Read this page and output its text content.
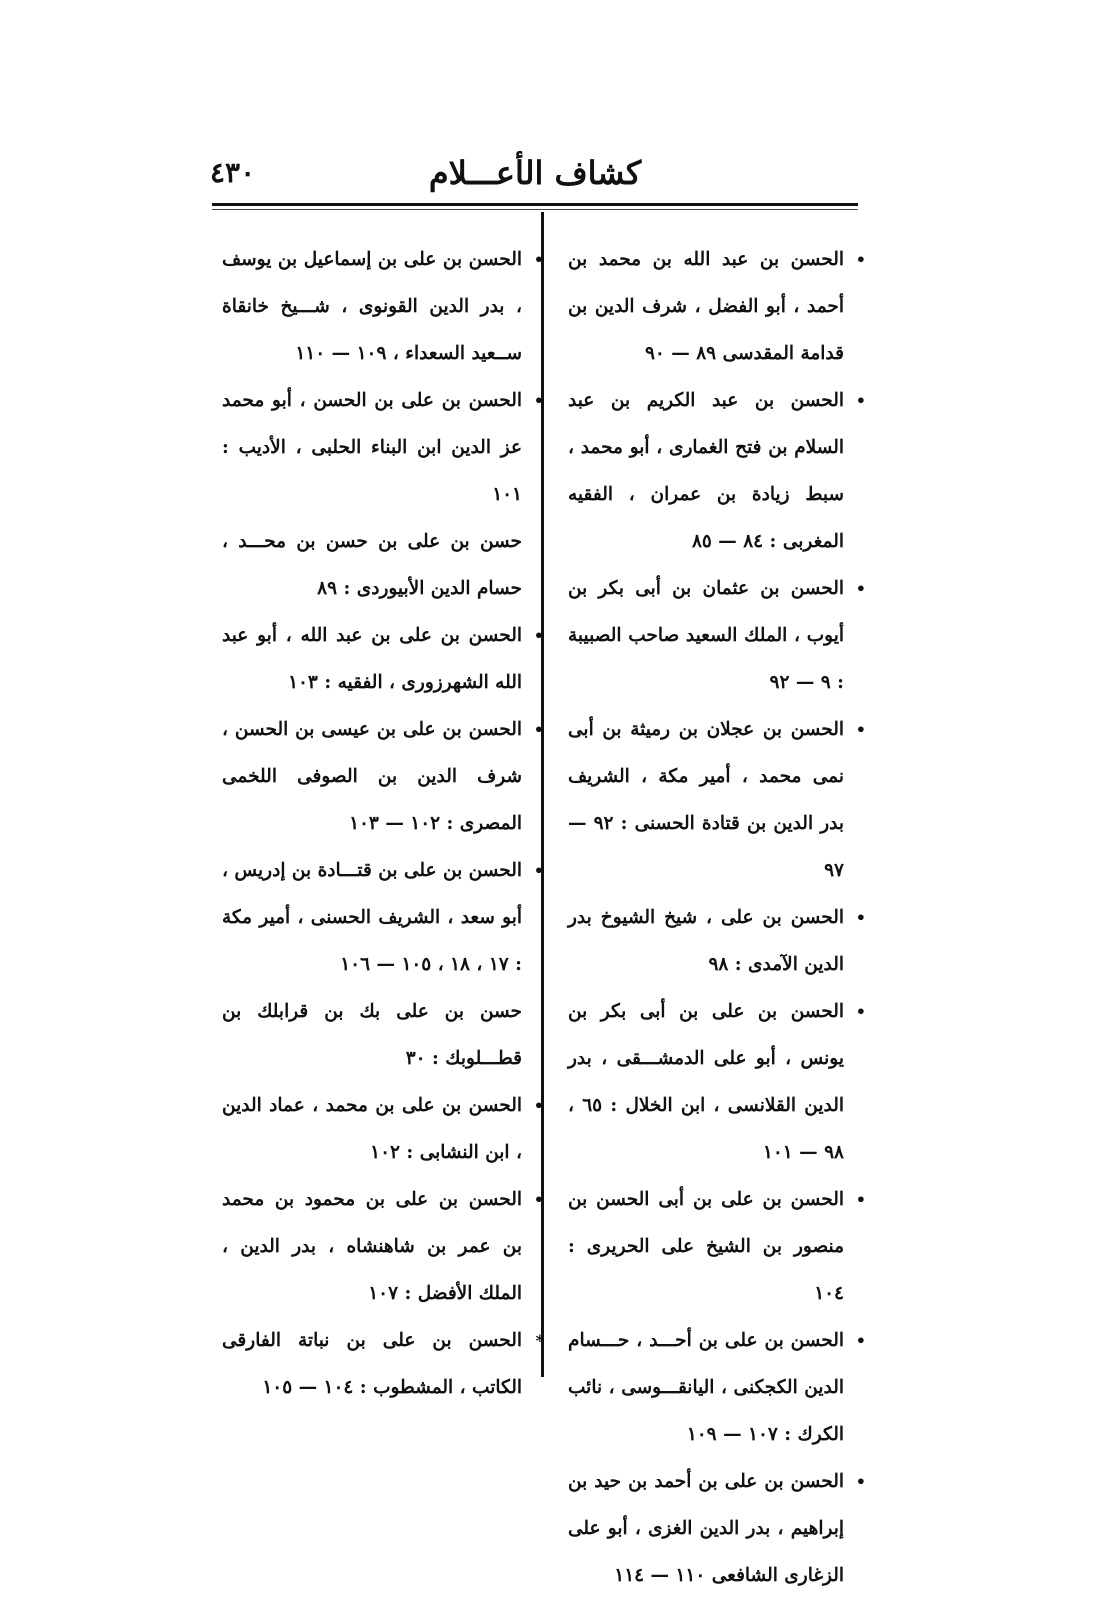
كشاف الأعـــلام
٤٣٠
•
الحسن بن عبد الله بن محمد بن أحمد ، أبو الفضل ، شرف الدين بن قدامة المقدسى ٨٩ — ٩٠
•
الحسن بن عبد الكريم بن عبد السلام بن فتح الغمارى ، أبو محمد ، سبط زيادة بن عمران ، الفقيه المغربى : ٨٤ — ٨٥
•
الحسن بن عثمان بن أبى بكر بن أيوب ، الملك السعيد صاحب الصبيبة : ٩ — ٩٢
•
الحسن بن عجلان بن رميثة بن أبى نمى محمد ، أمير مكة ، الشريف بدر الدين بن قتادة الحسنى : ٩٢ — ٩٧
•
الحسن بن على ، شيخ الشيوخ بدر الدين الآمدى : ٩٨
•
الحسن بن على بن أبى بكر بن يونس ، أبو على الدمشـــقى ، بدر الدين القلانسى ، ابن الخلال : ٦٥ ، ٩٨ — ١٠١
•
الحسن بن على بن أبى الحسن بن منصور بن الشيخ على الحريرى : ١٠٤
•
الحسن بن على بن أحـــد ، حـــسام الدين الكجكنى ، اليانقـــوسى ، نائب الكرك : ١٠٧ — ١٠٩
•
الحسن بن على بن أحمد بن حيد بن إبراهيم ، بدر الدين الغزى ، أبو على الزغارى الشافعى ١١٠ — ١١٤
•
الحسن بن على بن إسماعيل بن يوسف ، بدر الدين القونوى ، شـــيخ خانقاة ســعيد السعداء ، ١٠٩ — ١١٠
•
الحسن بن على بن الحسن ، أبو محمد عز الدين ابن البناء الحلبى ، الأديب : ١٠١
حسن بن على بن حسن بن محـــد ، حسام الدين الأبيوردى : ٨٩
•
الحسن بن على بن عبد الله ، أبو عبد الله الشهرزورى ، الفقيه : ١٠٣
•
الحسن بن على بن عيسى بن الحسن ، شرف الدين بن الصوفى اللخمى المصرى : ١٠٢ — ١٠٣
•
الحسن بن على بن قتـــادة بن إدريس ، أبو سعد ، الشريف الحسنى ، أمير مكة : ١٧ ، ١٨ ، ١٠٥ — ١٠٦
حسن بن على بك بن قرابلك بن قطـــلوبك : ٣٠
•
الحسن بن على بن محمد ، عماد الدين ، ابن النشابى : ١٠٢
•
الحسن بن على بن محمود بن محمد بن عمر بن شاهنشاه ، بدر الدين ، الملك الأفضل : ١٠٧
*
الحسن بن على بن نباتة الفارقى الكاتب ، المشطوب : ١٠٤ — ١٠٥
